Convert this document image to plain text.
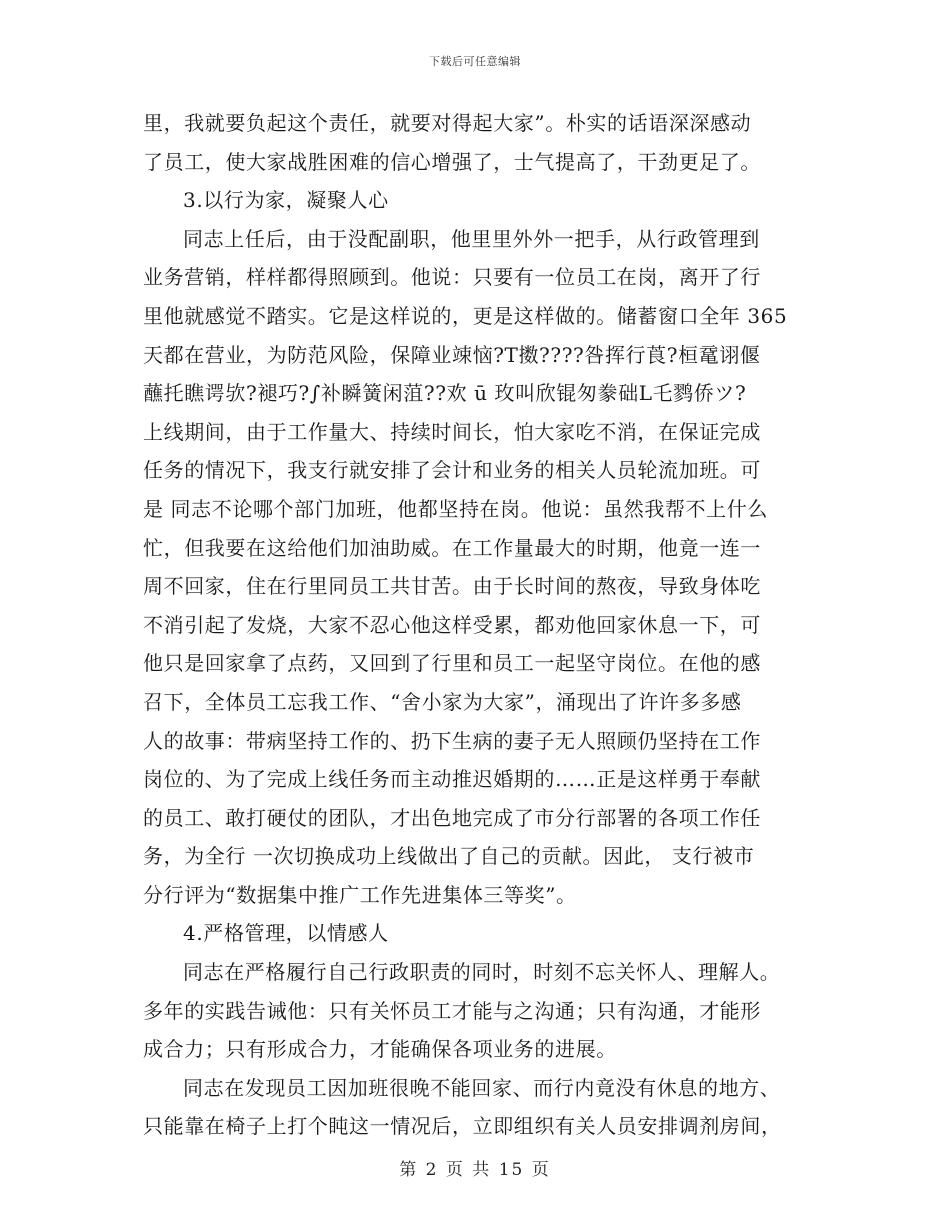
下载后可任意编辑
里，我就要负起这个责任，就要对得起大家”。朴实的话语深深感动
了员工，使大家战胜困难的信心增强了，士气提高了，干劲更足了。
3.以行为家，凝聚人心
同志上任后，由于没配副职，他里里外外一把手，从行政管理到
业务营销，样样都得照顾到。他说：只要有一位员工在岗，离开了行
里他就感觉不踏实。它是这样说的，更是这样做的。储蓄窗口全年 365
天都在营业，为防范风险，保障业竦恼?Т擞????咎挥行莨?桓鼋诩偃
蘸托瞧谔欤?褪巧?∫补瞬簧闲菹??欢 ū 玫叫欣锟匆豢础L乇鹨侨ツ?
上线期间，由于工作量大、持续时间长，怕大家吃不消，在保证完成
任务的情况下，我支行就安排了会计和业务的相关人员轮流加班。可
是 同志不论哪个部门加班，他都坚持在岗。他说：虽然我帮不上什么
忙，但我要在这给他们加油助威。在工作量最大的时期，他竟一连一
周不回家，住在行里同员工共甘苦。由于长时间的熬夜，导致身体吃
不消引起了发烧，大家不忍心他这样受累，都劝他回家休息一下，可
他只是回家拿了点药，又回到了行里和员工一起坚守岗位。在他的感
召下，全体员工忘我工作、“舍小家为大家”，涌现出了许许多多感
人的故事：带病坚持工作的、扔下生病的妻子无人照顾仍坚持在工作
岗位的、为了完成上线任务而主动推迟婚期的……正是这样勇于奉献
的员工、敢打硬仗的团队，才出色地完成了市分行部署的各项工作任
务，为全行 一次切换成功上线做出了自己的贡献。因此， 支行被市
分行评为“数据集中推广工作先进集体三等奖”。
4.严格管理，以情感人
同志在严格履行自己行政职责的同时，时刻不忘关怀人、理解人。
多年的实践告诫他：只有关怀员工才能与之沟通；只有沟通，才能形
成合力；只有形成合力，才能确保各项业务的进展。
同志在发现员工因加班很晚不能回家、而行内竟没有休息的地方、
只能靠在椅子上打个盹这一情况后，立即组织有关人员安排调剂房间，
第 2 页 共 15 页
